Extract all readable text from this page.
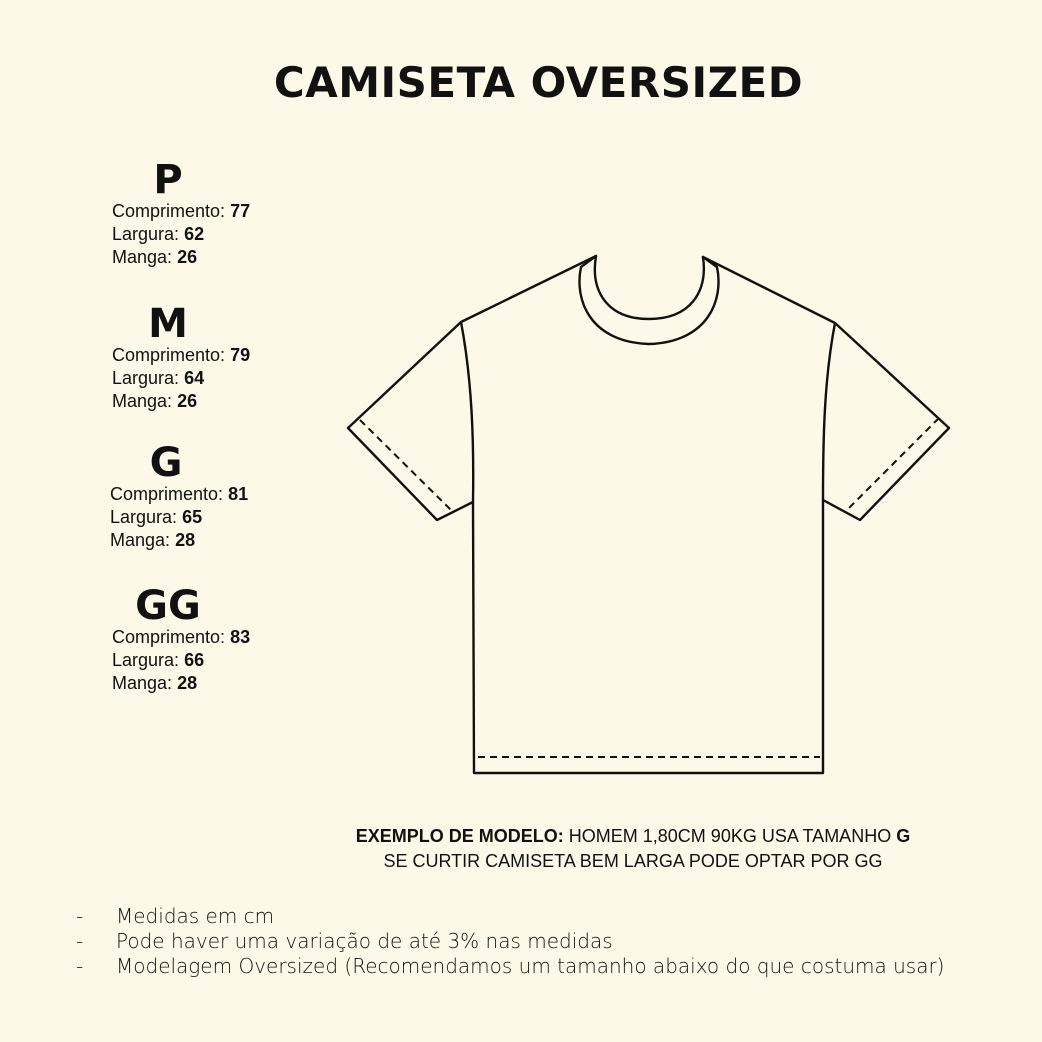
CAMISETA OVERSIZED
P
Comprimento: 77
Largura: 62
Manga: 26
M
Comprimento: 79
Largura: 64
Manga: 26
G
Comprimento: 81
Largura: 65
Manga: 28
GG
Comprimento: 83
Largura: 66
Manga: 28
EXEMPLO DE MODELO: HOMEM 1,80CM 90KG USA TAMANHO G
SE CURTIR CAMISETA BEM LARGA PODE OPTAR POR GG
-	Medidas em cm
-	Pode haver uma variação de até 3% nas medidas
-	Modelagem Oversized (Recomendamos um tamanho abaixo do que costuma usar)
